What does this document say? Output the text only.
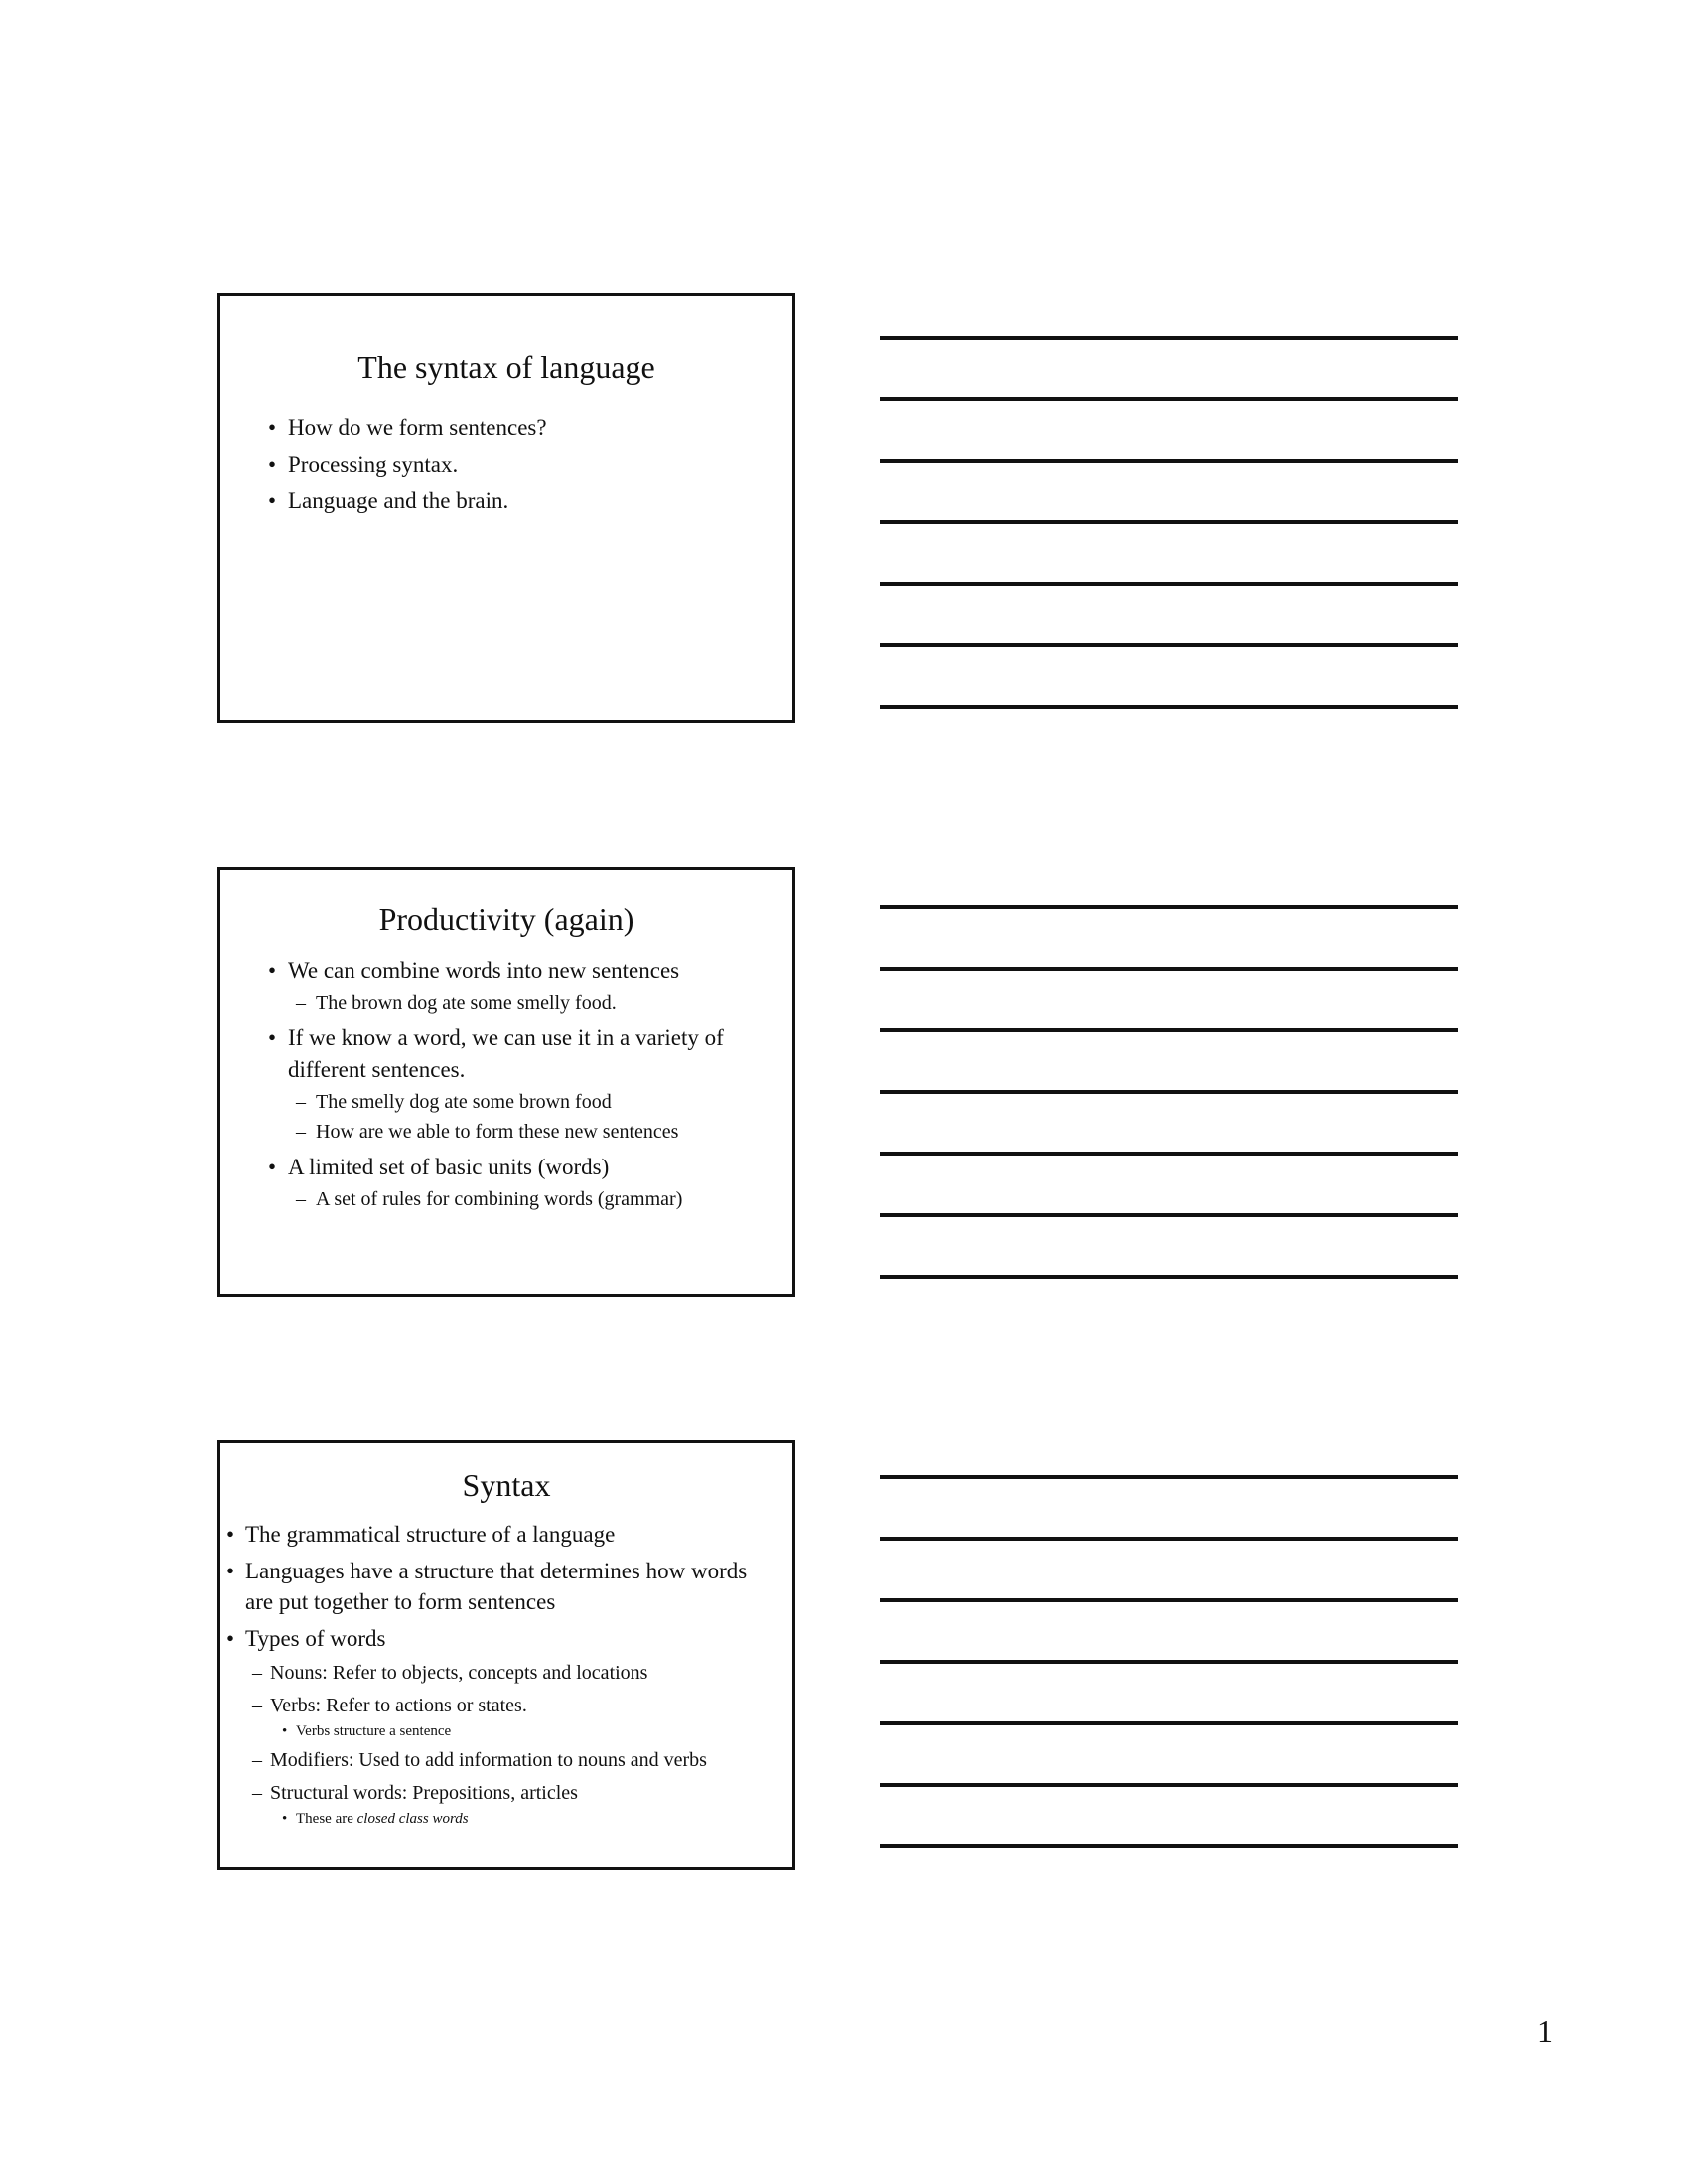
The syntax of language
• How do we form sentences?
• Processing syntax.
• Language and the brain.
Productivity (again)
• We can combine words into new sentences
– The brown dog ate some smelly food.
• If we know a word, we can use it in a variety of different sentences.
– The smelly dog ate some brown food
– How are we able to form these new sentences
• A limited set of basic units (words)
– A set of rules for combining words (grammar)
Syntax
• The grammatical structure of a language
• Languages have a structure that determines how words are put together to form sentences
• Types of words
– Nouns: Refer to objects, concepts and locations
– Verbs: Refer to actions or states.
• Verbs structure a sentence
– Modifiers: Used to add information to nouns and verbs
– Structural words: Prepositions, articles
• These are closed class words
1
